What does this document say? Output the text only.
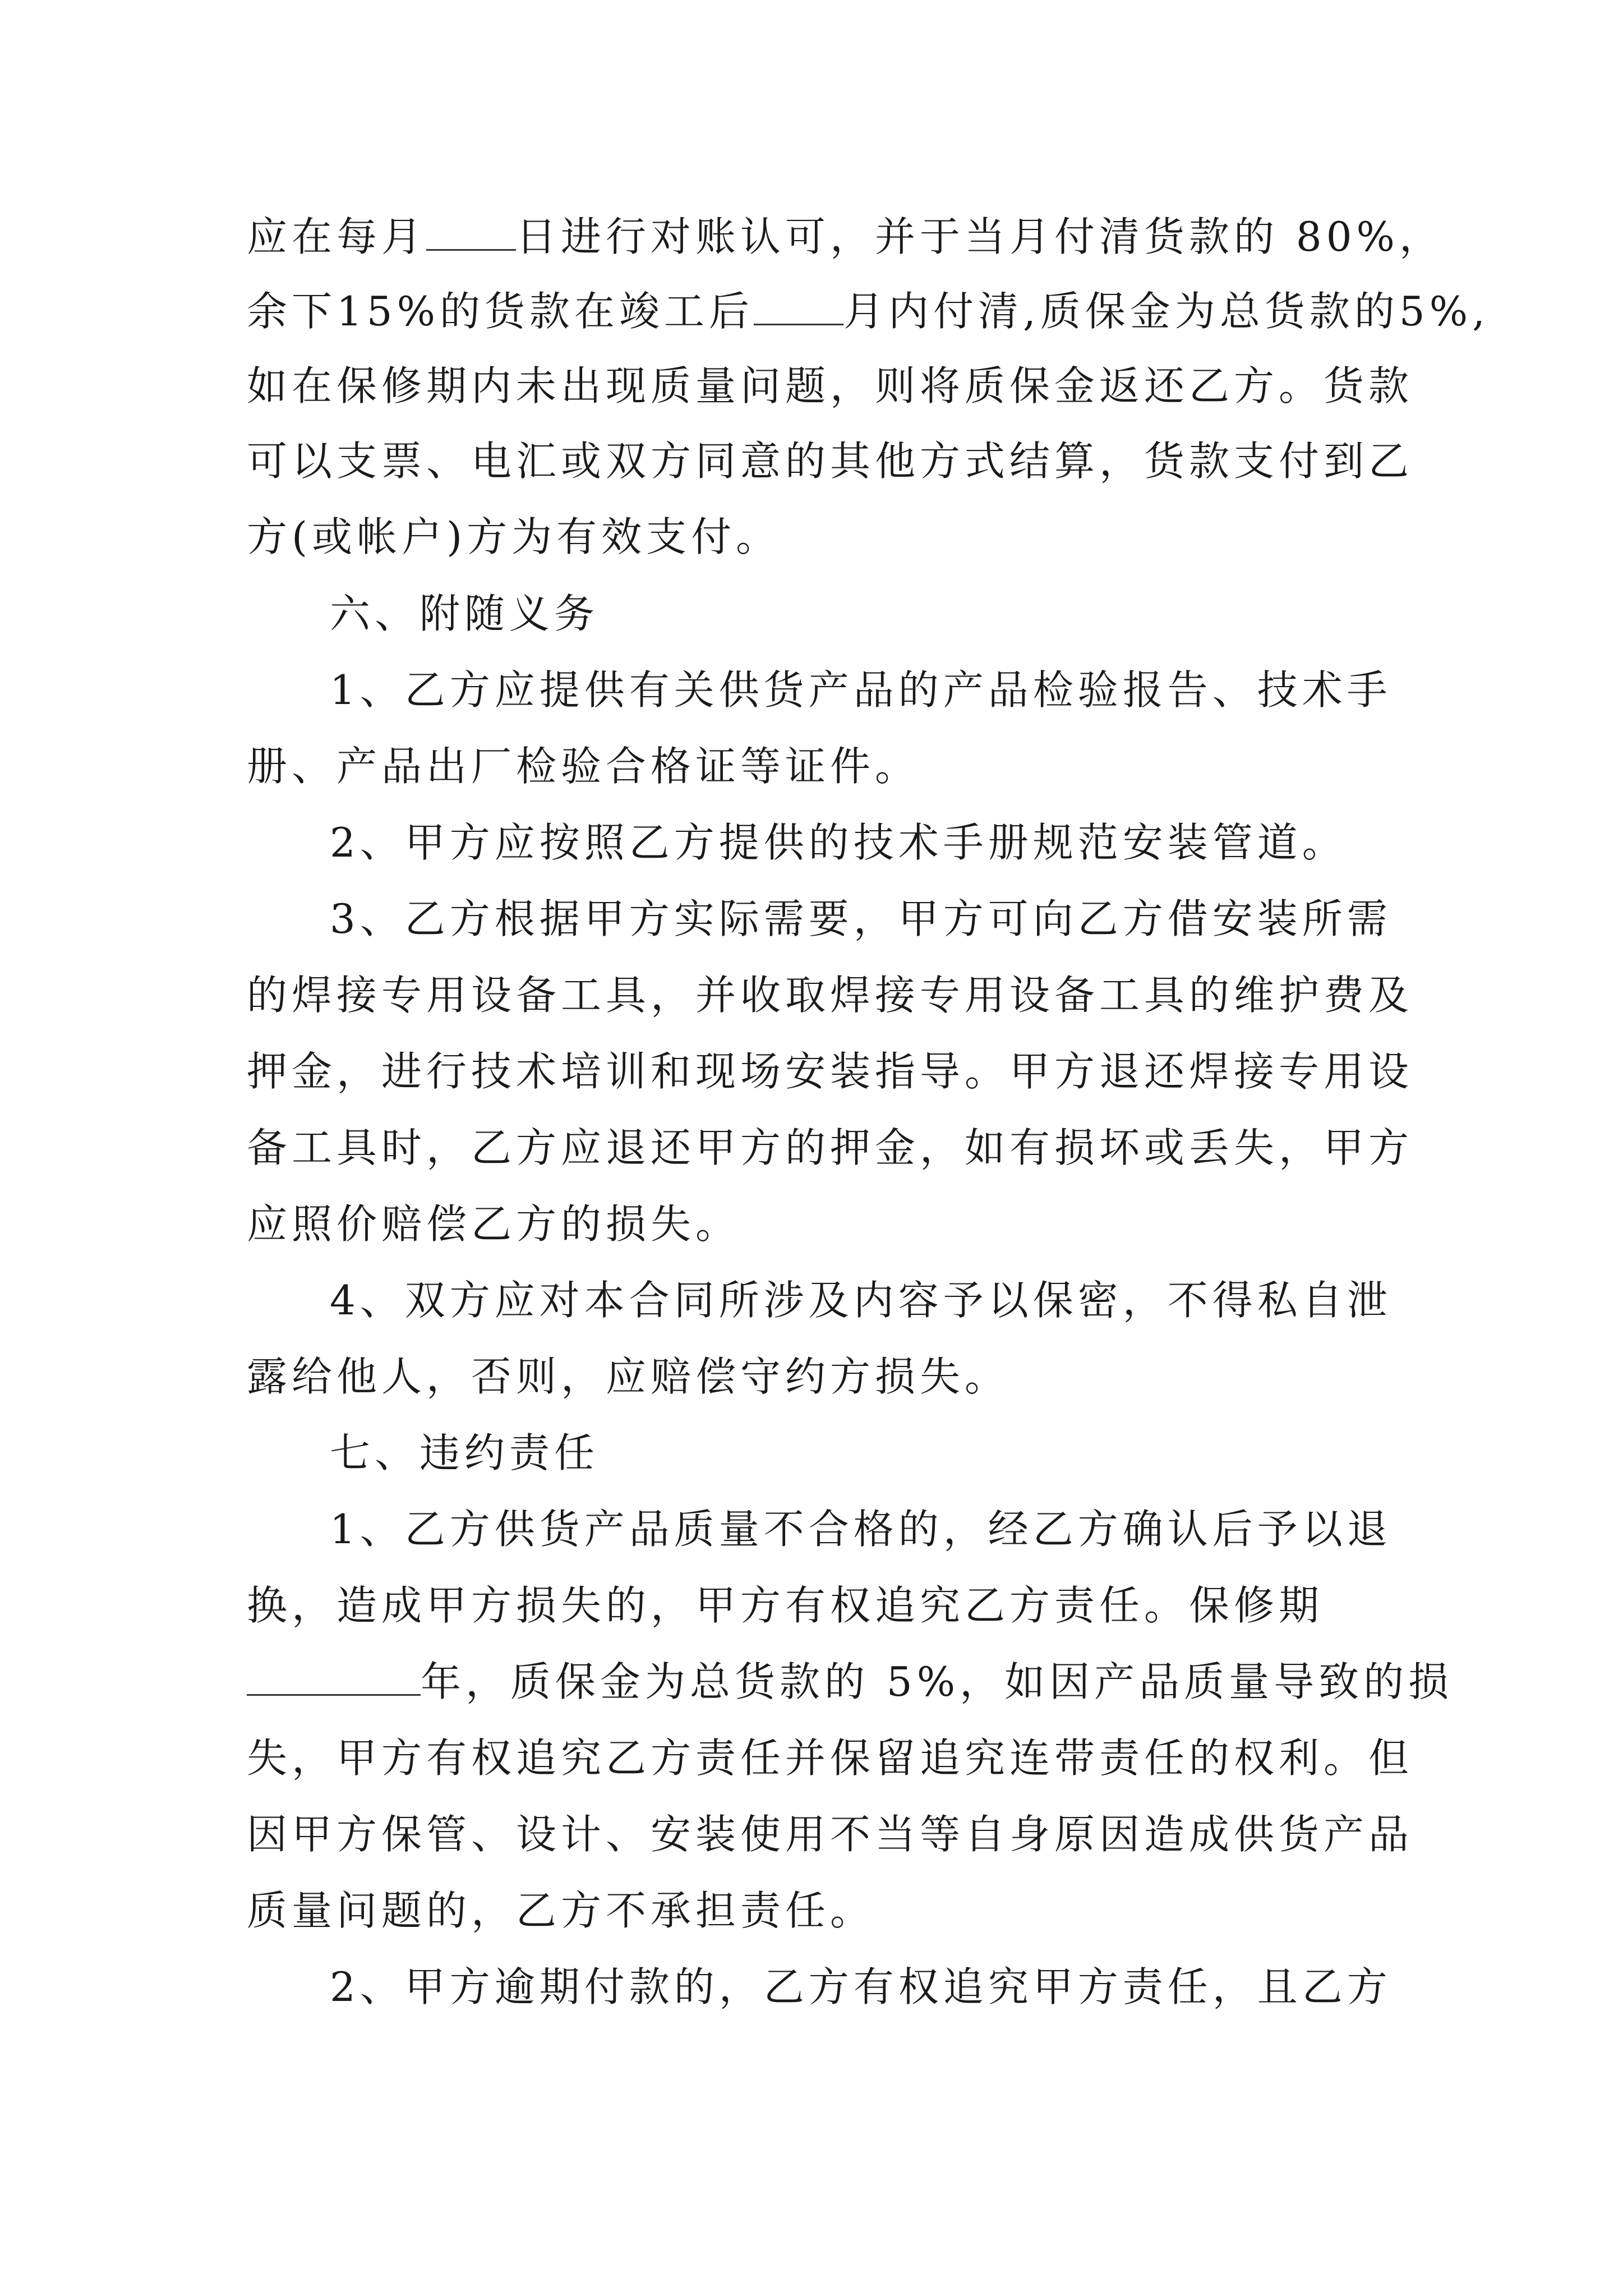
应在每月 日进行对账认可，并于当月付清货款的 80%，
余下15%的货款在竣工后 月内付清,质保金为总货款的5%,
如在保修期内未出现质量问题，则将质保金返还乙方。货款
可以支票、电汇或双方同意的其他方式结算，货款支付到乙
方(或帐户)方为有效支付。
六、附随义务
1、乙方应提供有关供货产品的产品检验报告、技术手
册、产品出厂检验合格证等证件。
2、甲方应按照乙方提供的技术手册规范安装管道。
3、乙方根据甲方实际需要，甲方可向乙方借安装所需
的焊接专用设备工具，并收取焊接专用设备工具的维护费及
押金，进行技术培训和现场安装指导。甲方退还焊接专用设
备工具时，乙方应退还甲方的押金，如有损坏或丢失，甲方
应照价赔偿乙方的损失。
4、双方应对本合同所涉及内容予以保密，不得私自泄
露给他人，否则，应赔偿守约方损失。
七、违约责任
1、乙方供货产品质量不合格的，经乙方确认后予以退
换，造成甲方损失的，甲方有权追究乙方责任。保修期
年，质保金为总货款的 5%，如因产品质量导致的损
失，甲方有权追究乙方责任并保留追究连带责任的权利。但
因甲方保管、设计、安装使用不当等自身原因造成供货产品
质量问题的，乙方不承担责任。
2、甲方逾期付款的，乙方有权追究甲方责任，且乙方
